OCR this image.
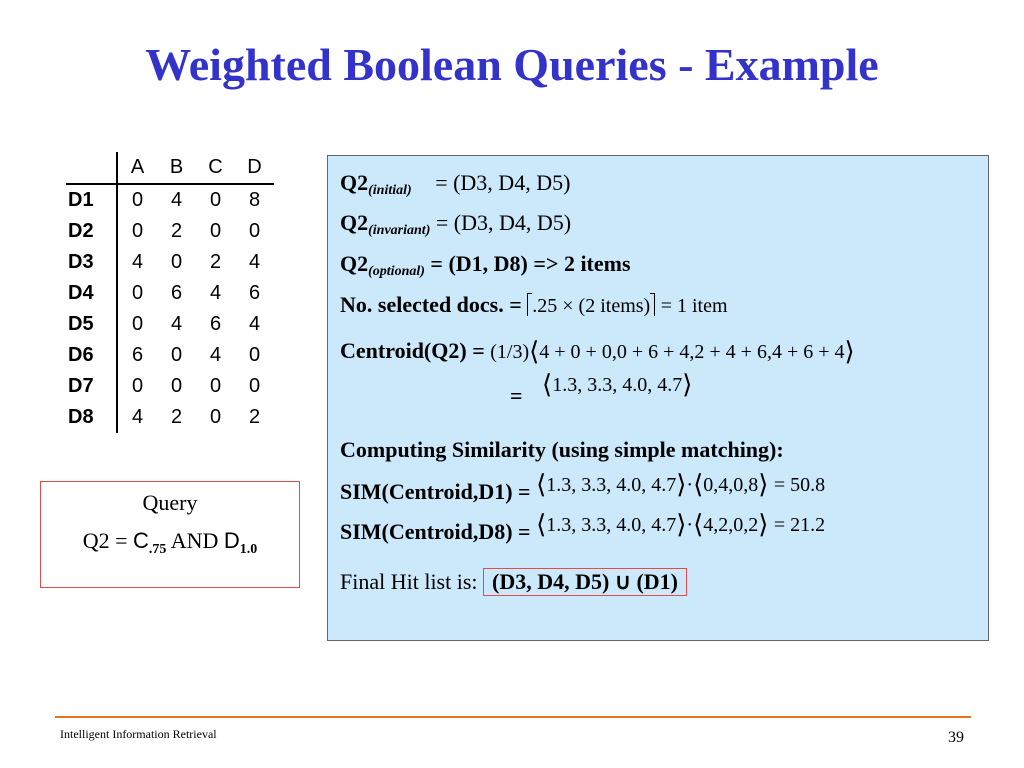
Weighted Boolean Queries - Example
	A	B	C	D
D1	0	4	0	8
D2	0	2	0	0
D3	4	0	2	4
D4	0	6	4	6
D5	0	4	6	4
D6	6	0	4	0
D7	0	0	0	0
D8	4	2	0	2
Query
$Q2 = C_{.75}$ AND $D_{1.0}$
Q2(initial) = (D3, D4, D5)
Q2(invariant) = (D3, D4, D5)
Q2(optional) = (D1, D8) => 2 items
No. selected docs. = .25 × (2 items) = 1 item
Centroid(Q2) = (1/3)⟨4 + 0 + 0,0 + 6 + 4,2 + 4 + 6,4 + 6 + 4⟩
= ⟨1.3, 3.3, 4.0, 4.7⟩
Computing Similarity (using simple matching):
SIM(Centroid,D1) = ⟨1.3, 3.3, 4.0, 4.7⟩·⟨0,4,0,8⟩ = 50.8
SIM(Centroid,D8) = ⟨1.3, 3.3, 4.0, 4.7⟩·⟨4,2,0,2⟩ = 21.2
Final Hit list is: (D3, D4, D5) ∪ (D1)
Intelligent Information Retrieval	39
